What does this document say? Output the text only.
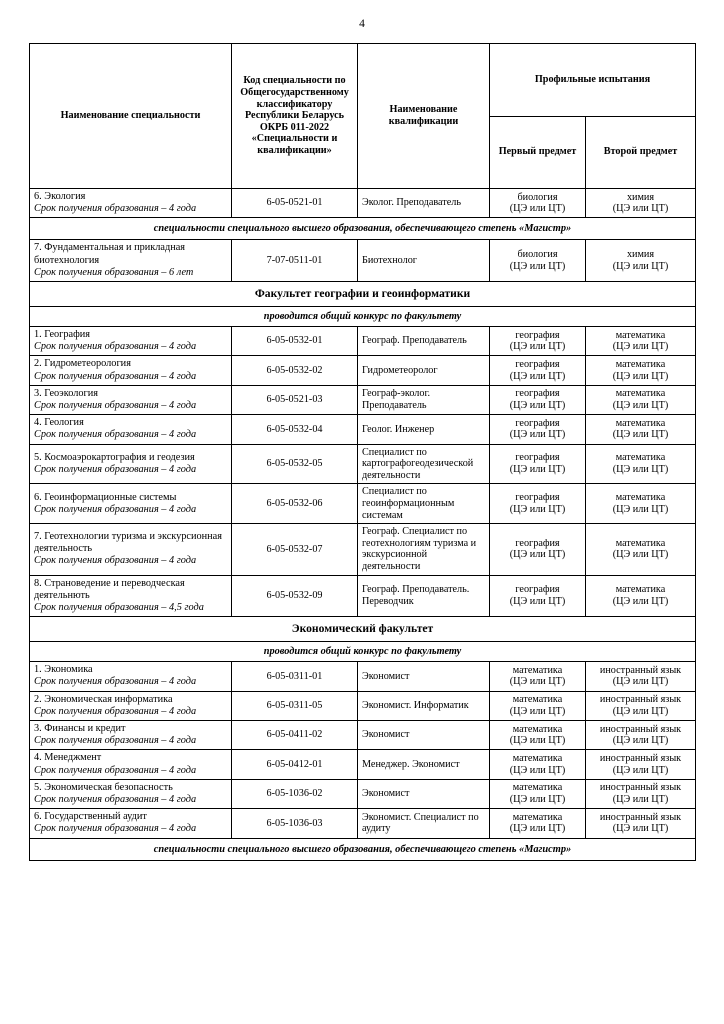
4
Наименование специальности	Код специальности по Общегосударственному классификатору Республики Беларусь ОКРБ 011-2022 «Специальности и квалификации»	Наименование квалификации	Профильные испытания	
			Первый предмет	Второй предмет

6. Экология
Срок получения образования – 4 года	6-05-0521-01	Эколог. Преподаватель	биология
(ЦЭ или ЦТ)	химия
(ЦЭ или ЦТ)

специальности специального высшего образования, обеспечивающего степень «Магистр»				

7. Фундаментальная и прикладная биотехнология
Срок получения образования – 6 лет	7-07-0511-01	Биотехнолог	биология
(ЦЭ или ЦТ)	химия
(ЦЭ или ЦТ)

Факультет географии и геоинформатики				
проводится общий конкурс по факультету				

1. География
Срок получения образования – 4 года	6-05-0532-01	Географ. Преподаватель	география
(ЦЭ или ЦТ)	математика
(ЦЭ или ЦТ)

2. Гидрометеорология
Срок получения образования – 4 года	6-05-0532-02	Гидрометеоролог	география
(ЦЭ или ЦТ)	математика
(ЦЭ или ЦТ)

3. Геоэкология
Срок получения образования – 4 года	6-05-0521-03	Географ-эколог. Преподаватель	география
(ЦЭ или ЦТ)	математика
(ЦЭ или ЦТ)

4. Геология
Срок получения образования – 4 года	6-05-0532-04	Геолог. Инженер	география
(ЦЭ или ЦТ)	математика
(ЦЭ или ЦТ)

5. Космоаэрокартография и геодезия
Срок получения образования – 4 года	6-05-0532-05	Специалист по картографогеодезической деятельности	география
(ЦЭ или ЦТ)	математика
(ЦЭ или ЦТ)

6. Геоинформационные системы
Срок получения образования – 4 года	6-05-0532-06	Специалист по геоинформационным системам	география
(ЦЭ или ЦТ)	математика
(ЦЭ или ЦТ)

7. Геотехнологии туризма и экскурсионная деятельность
Срок получения образования – 4 года	6-05-0532-07	Географ. Специалист по геотехнологиям туризма и экскурсионной деятельности	география
(ЦЭ или ЦТ)	математика
(ЦЭ или ЦТ)

8. Страноведение и переводческая деятельнють
Срок получения образования – 4,5 года	6-05-0532-09	Географ. Преподаватель. Переводчик	география
(ЦЭ или ЦТ)	математика
(ЦЭ или ЦТ)

Экономический факультет				
проводится общий конкурс по факультету				

1. Экономика
Срок получения образования – 4 года	6-05-0311-01	Экономист	математика
(ЦЭ или ЦТ)	иностранный язык
(ЦЭ или ЦТ)

2. Экономическая информатика
Срок получения образования – 4 года	6-05-0311-05	Экономист. Информатик	математика
(ЦЭ или ЦТ)	иностранный язык
(ЦЭ или ЦТ)

3. Финансы и кредит
Срок получения образования – 4 года	6-05-0411-02	Экономист	математика
(ЦЭ или ЦТ)	иностранный язык
(ЦЭ или ЦТ)

4. Менеджмент
Срок получения образования – 4 года	6-05-0412-01	Менеджер. Экономист	математика
(ЦЭ или ЦТ)	иностранный язык
(ЦЭ или ЦТ)

5. Экономическая безопасность
Срок получения образования – 4 года	6-05-1036-02	Экономист	математика
(ЦЭ или ЦТ)	иностранный язык
(ЦЭ или ЦТ)

6. Государственный аудит
Срок получения образования – 4 года	6-05-1036-03	Экономист. Специалист по аудиту	математика
(ЦЭ или ЦТ)	иностранный язык
(ЦЭ или ЦТ)

специальности специального высшего образования, обеспечивающего степень «Магистр»				
